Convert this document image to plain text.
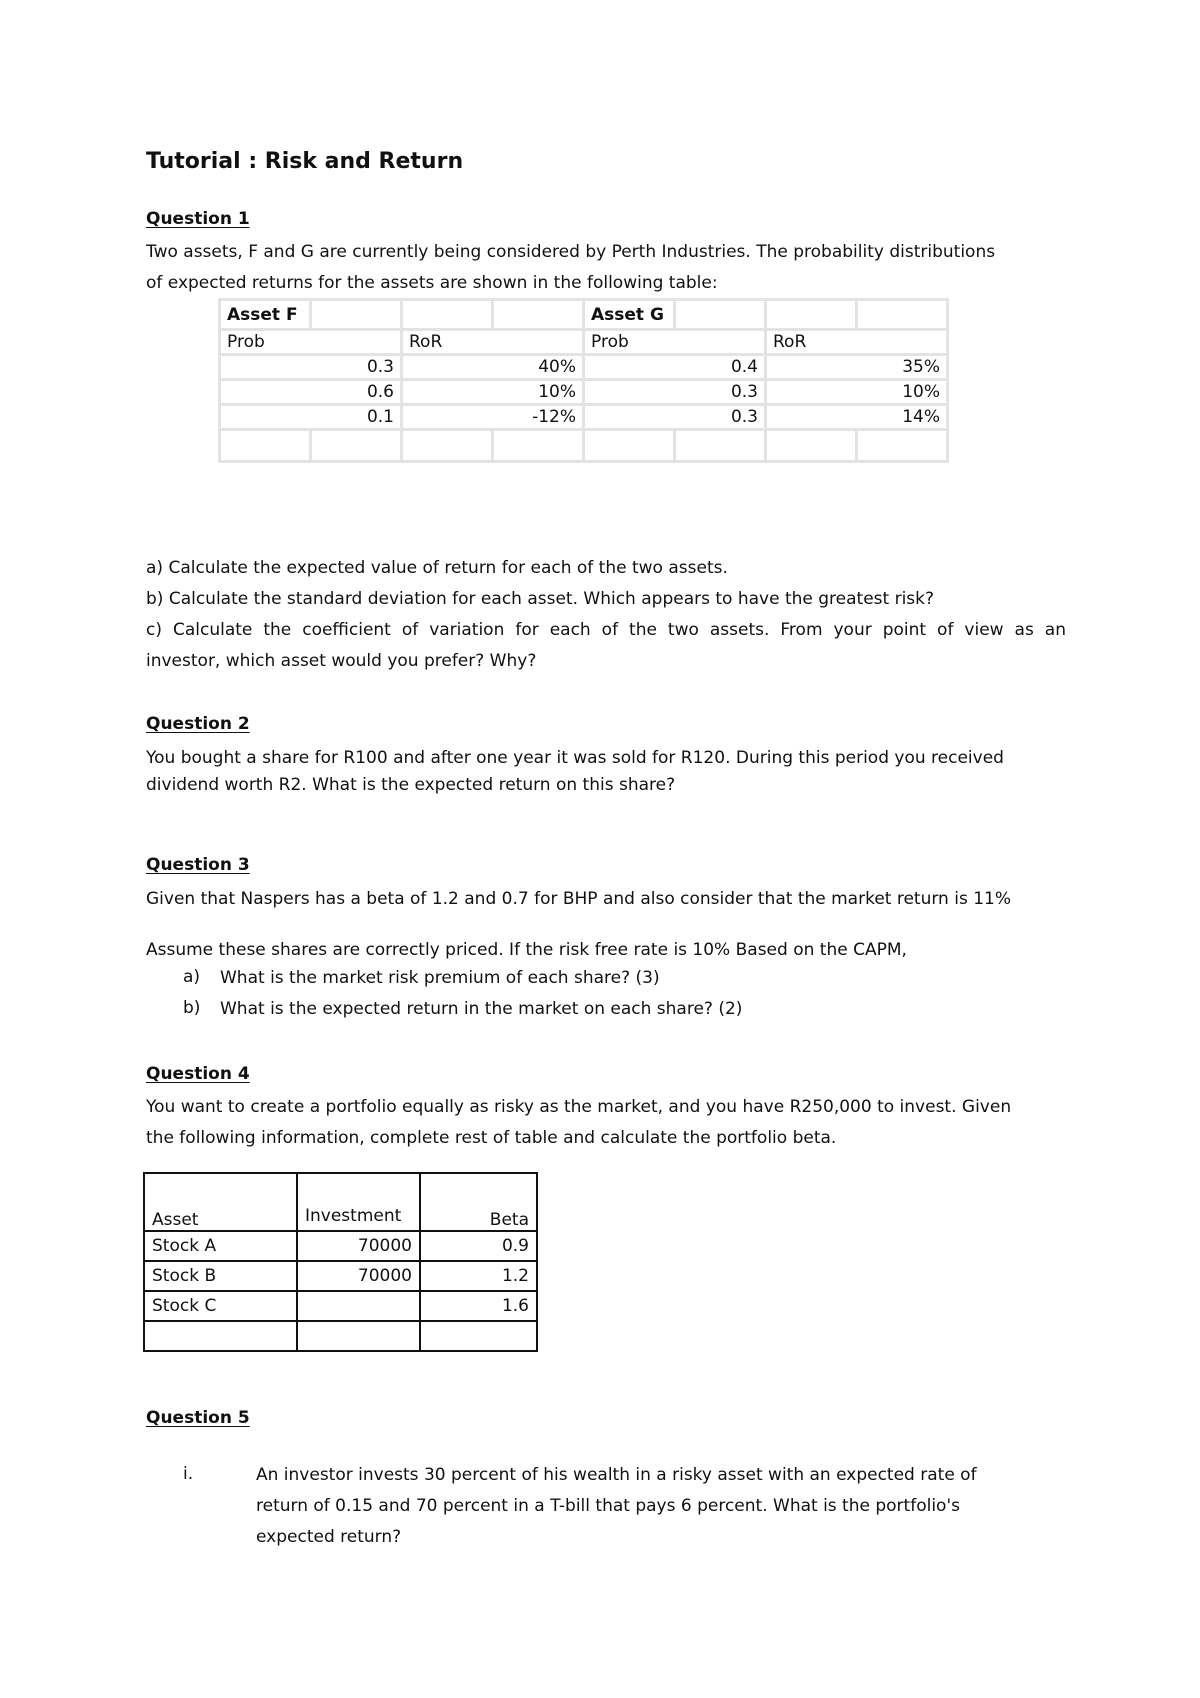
Tutorial : Risk and Return
Question 1
Two assets, F and G are currently being considered by Perth Industries. The probability distributions
of expected returns for the assets are shown in the following table:
Asset F				Asset G			
Prob		RoR		Prob		RoR	
0.3		40%		0.4		35%	
0.6		10%		0.3		10%	
0.1		-12%		0.3		14%	

a) Calculate the expected value of return for each of the two assets.
b) Calculate the standard deviation for each asset. Which appears to have the greatest risk?
c) Calculate the coefficient of variation for each of the two assets. From your point of view as an
investor, which asset would you prefer? Why?
Question 2
You bought a share for R100 and after one year it was sold for R120. During this period you received
dividend worth R2. What is the expected return on this share?
Question 3
Given that Naspers has a beta of 1.2 and 0.7 for BHP and also consider that the market return is 11%
Assume these shares are correctly priced. If the risk free rate is 10% Based on the CAPM,
a) What is the market risk premium of each share? (3)
b) What is the expected return in the market on each share? (2)
Question 4
You want to create a portfolio equally as risky as the market, and you have R250,000 to invest. Given
the following information, complete rest of table and calculate the portfolio beta.
Asset	Investment	Beta
Stock A	70000	0.9
Stock B	70000	1.2
Stock C		1.6

Question 5
i.	An investor invests 30 percent of his wealth in a risky asset with an expected rate of
return of 0.15 and 70 percent in a T-bill that pays 6 percent. What is the portfolio's
expected return?
